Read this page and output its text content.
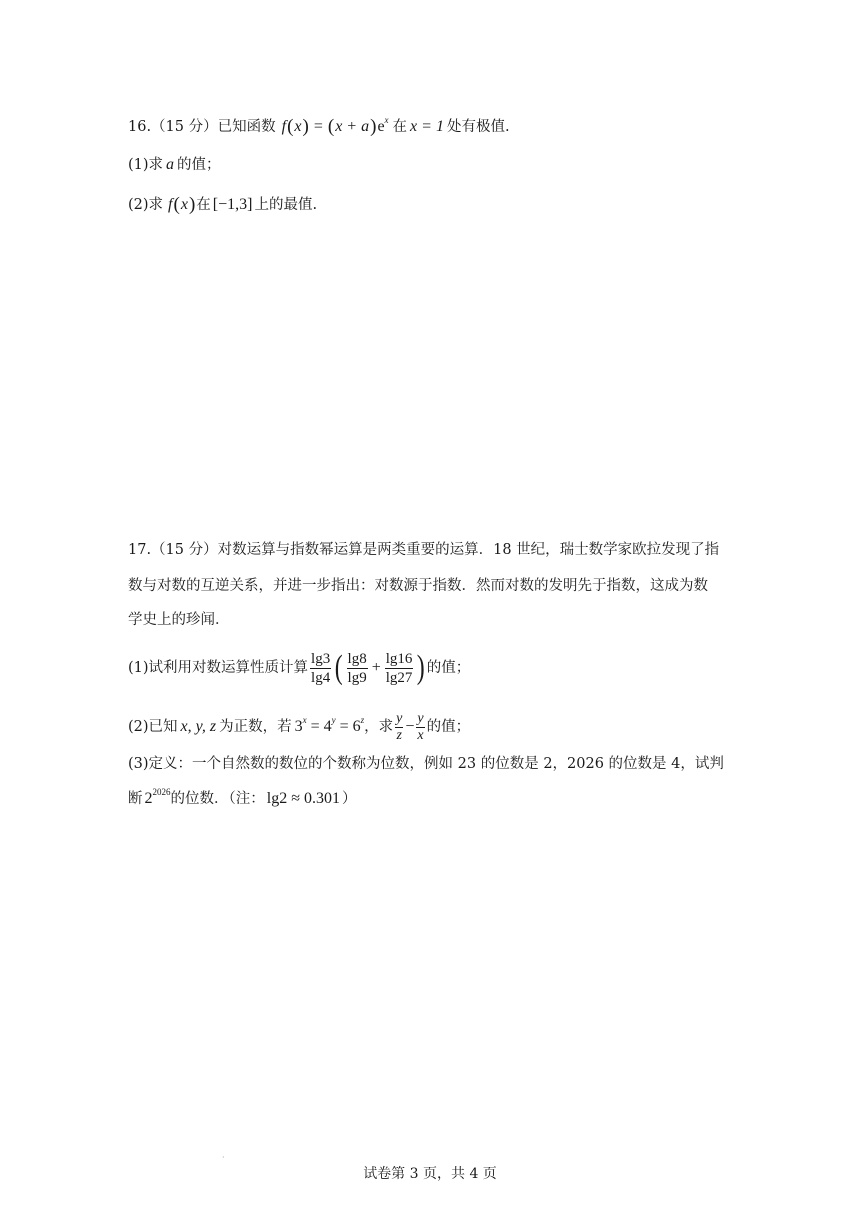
16.（15 分）已知函数 f ( x ) = ( x + a ) e x 在 x = 1 处有极值.
(1)求 a 的值；
(2)求 f ( x ) 在 [−1,3] 上的最值.
17.（15 分）对数运算与指数幂运算是两类重要的运算．18 世纪，瑞士数学家欧拉发现了指
数与对数的互逆关系，并进一步指出：对数源于指数．然而对数的发明先于指数，这成为数
学史上的珍闻．
(1)试利用对数运算性质计算 $\frac{\lg 3}{\lg 4}$ ( $\frac{\lg 8}{\lg 9} + \frac{\lg 16}{\lg 27}$ ) 的值；
(2)已知 x, y, z 为正数，若 3 x = 4 y = 6 z ，求 $\frac{y}{z} - \frac{y}{x}$ 的值；
(3)定义：一个自然数的数位的个数称为位数，例如 23 的位数是 2，2026 的位数是 4，试判
断 2 2026 的位数．（注： lg2 ≈ 0.301 ）
·
试卷第 3 页，共 4 页
